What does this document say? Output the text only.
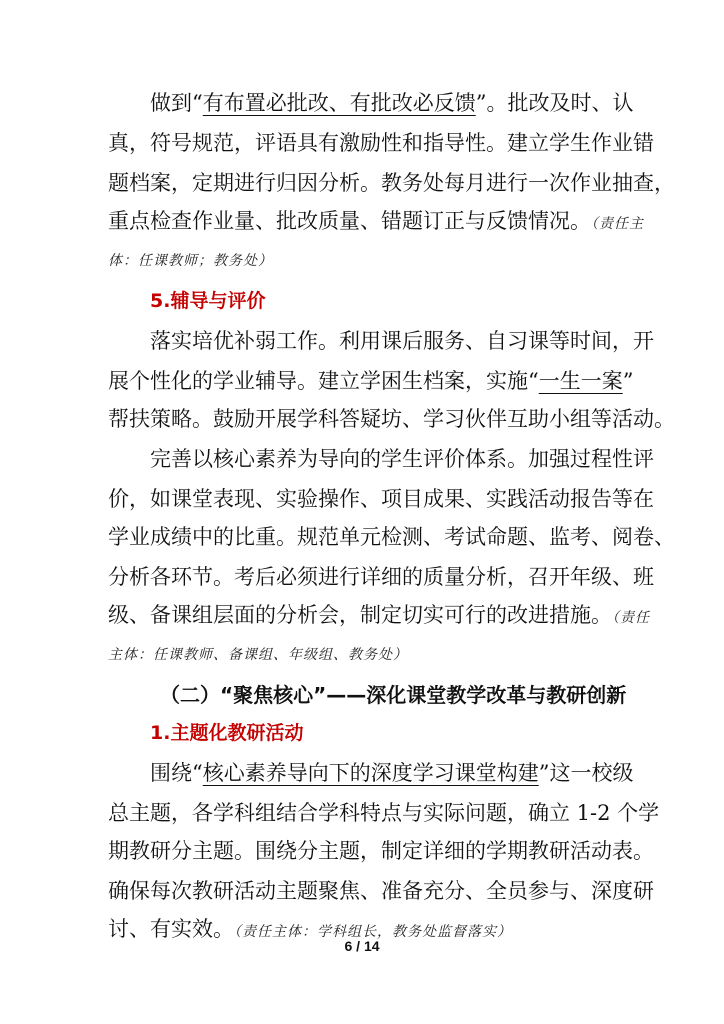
做到“有布置必批改、有批改必反馈”。批改及时、认
真，符号规范，评语具有激励性和指导性。建立学生作业错
题档案，定期进行归因分析。教务处每月进行一次作业抽查，
重点检查作业量、批改质量、错题订正与反馈情况。（责任主
体：任课教师；教务处）
5.辅导与评价
落实培优补弱工作。利用课后服务、自习课等时间，开
展个性化的学业辅导。建立学困生档案，实施“一生一案”
帮扶策略。鼓励开展学科答疑坊、学习伙伴互助小组等活动。
完善以核心素养为导向的学生评价体系。加强过程性评
价，如课堂表现、实验操作、项目成果、实践活动报告等在
学业成绩中的比重。规范单元检测、考试命题、监考、阅卷、
分析各环节。考后必须进行详细的质量分析，召开年级、班
级、备课组层面的分析会，制定切实可行的改进措施。（责任
主体：任课教师、备课组、年级组、教务处）
（二）“聚焦核心”——深化课堂教学改革与教研创新
1.主题化教研活动
围绕“核心素养导向下的深度学习课堂构建”这一校级
总主题，各学科组结合学科特点与实际问题，确立 1-2 个学
期教研分主题。围绕分主题，制定详细的学期教研活动表。
确保每次教研活动主题聚焦、准备充分、全员参与、深度研
讨、有实效。（责任主体：学科组长，教务处监督落实）
6 / 14
